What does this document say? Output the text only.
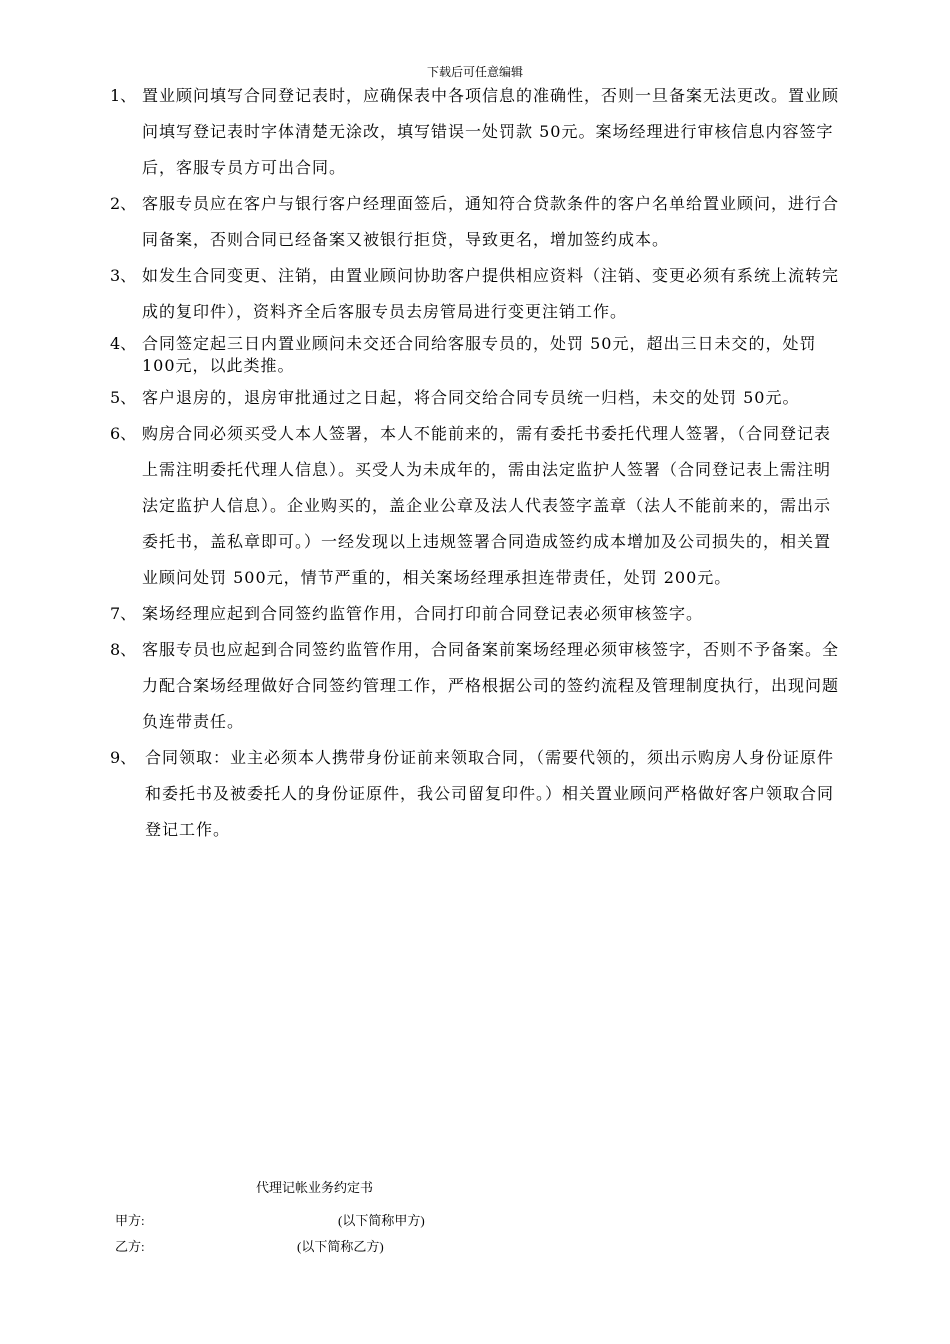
下载后可任意编辑
1、 置业顾问填写合同登记表时，应确保表中各项信息的准确性，否则一旦备案无法更改。置业顾问填写登记表时字体清楚无涂改，填写错误一处罚款 50元。案场经理进行审核信息内容签字后，客服专员方可出合同。
2、 客服专员应在客户与银行客户经理面签后，通知符合贷款条件的客户名单给置业顾问，进行合同备案，否则合同已经备案又被银行拒贷，导致更名，增加签约成本。
3、 如发生合同变更、注销，由置业顾问协助客户提供相应资料（注销、变更必须有系统上流转完成的复印件），资料齐全后客服专员去房管局进行变更注销工作。
4、 合同签定起三日内置业顾问未交还合同给客服专员的，处罚 50元，超出三日未交的，处罚100元，以此类推。
5、 客户退房的，退房审批通过之日起，将合同交给合同专员统一归档，未交的处罚 50元。
6、 购房合同必须买受人本人签署，本人不能前来的，需有委托书委托代理人签署，（合同登记表上需注明委托代理人信息）。买受人为未成年的，需由法定监护人签署（合同登记表上需注明法定监护人信息）。企业购买的，盖企业公章及法人代表签字盖章（法人不能前来的，需出示委托书，盖私章即可。）一经发现以上违规签署合同造成签约成本增加及公司损失的，相关置业顾问处罚 500元，情节严重的，相关案场经理承担连带责任，处罚 200元。
7、 案场经理应起到合同签约监管作用，合同打印前合同登记表必须审核签字。
8、 客服专员也应起到合同签约监管作用，合同备案前案场经理必须审核签字，否则不予备案。全力配合案场经理做好合同签约管理工作，严格根据公司的签约流程及管理制度执行，出现问题负连带责任。
9、 合同领取：业主必须本人携带身份证前来领取合同，（需要代领的，须出示购房人身份证原件和委托书及被委托人的身份证原件，我公司留复印件。）相关置业顾问严格做好客户领取合同登记工作。
代理记帐业务约定书
甲方:	(以下简称甲方)
乙方:	(以下简称乙方)
